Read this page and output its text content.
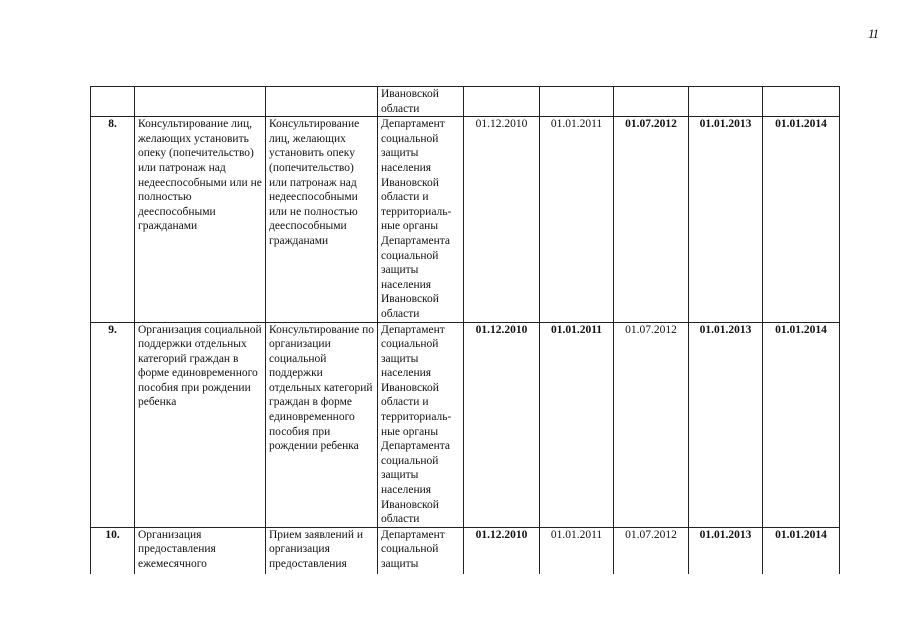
11
			Ивановской области					
8.	Консультирование лиц, желающих установить опеку (попечительство) или патронаж над недееспособными или не полностью дееспособными гражданами	Консультирование лиц, желающих установить опеку (попечительство) или патронаж над недееспособными или не полностью дееспособными гражданами	Департамент социальной защиты населения Ивановской области и территориаль-ные органы Департамента социальной защиты населения Ивановской области	01.12.2010	01.01.2011	01.07.2012	01.01.2013	01.01.2014
9.	Организация социальной поддержки отдельных категорий граждан в форме единовременного пособия при рождении ребенка	Консультирование по организации социальной поддержки отдельных категорий граждан в форме единовременного пособия при рождении ребенка	Департамент социальной защиты населения Ивановской области и территориаль- ные органы Департамента социальной защиты населения Ивановской области	01.12.2010	01.01.2011	01.07.2012	01.01.2013	01.01.2014
10.	Организация предоставления ежемесячного	Прием заявлений и организация предоставления	Департамент социальной защиты	01.12.2010	01.01.2011	01.07.2012	01.01.2013	01.01.2014
